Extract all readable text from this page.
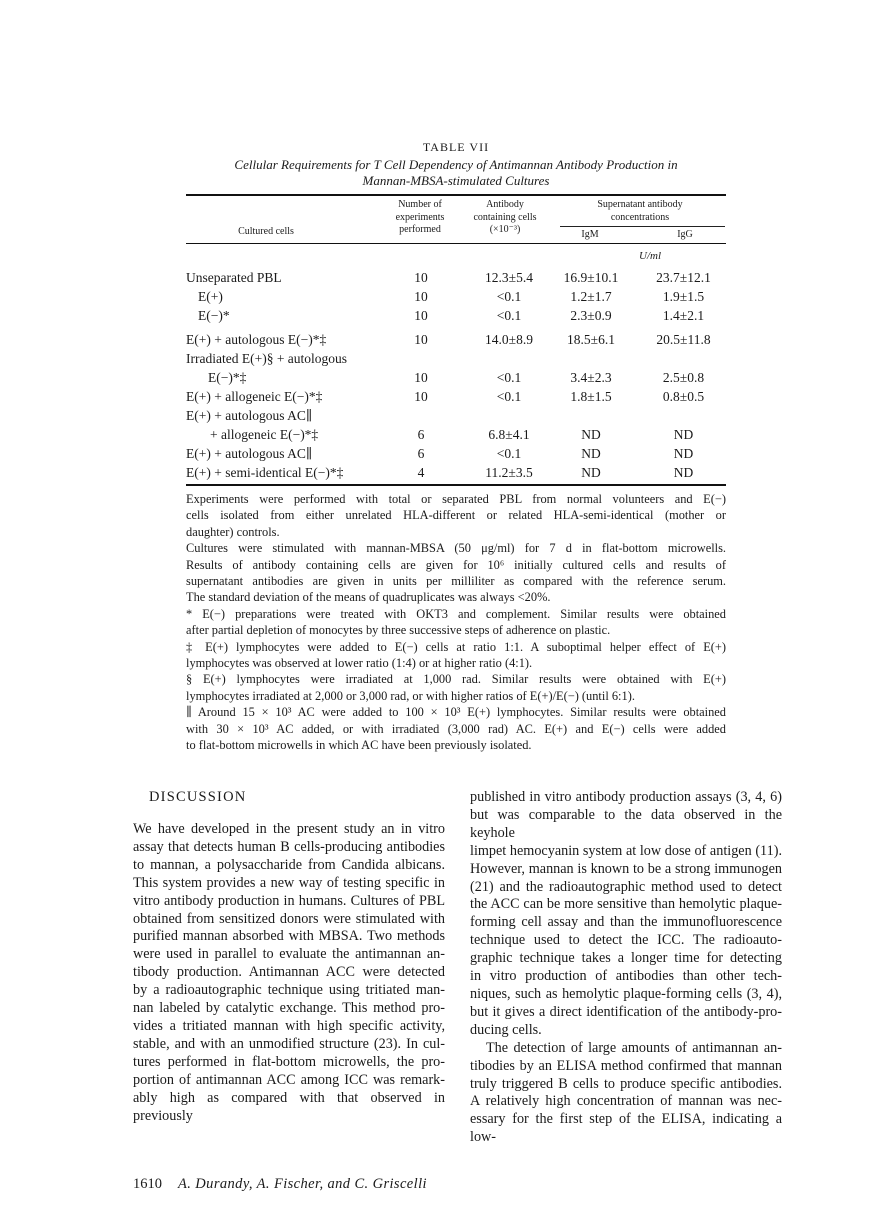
TABLE VII
Cellular Requirements for T Cell Dependency of Antimannan Antibody Production in
Mannan-MBSA-stimulated Cultures
Cultured cells
Number of
experiments
performed
Antibody
containing cells
(×10⁻³)
Supernatant antibody
concentrations
IgM	IgG
U/ml
Unseparated PBL	10	12.3±5.4	16.9±10.1	23.7±12.1
E(+)	10	<0.1	1.2±1.7	1.9±1.5
E(−)*	10	<0.1	2.3±0.9	1.4±2.1
E(+) + autologous E(−)*‡	10	14.0±8.9	18.5±6.1	20.5±11.8
Irradiated E(+)§ + autologous
E(−)*‡	10	<0.1	3.4±2.3	2.5±0.8
E(+) + allogeneic E(−)*‡	10	<0.1	1.8±1.5	0.8±0.5
E(+) + autologous AC∥
+ allogeneic E(−)*‡	6	6.8±4.1	ND	ND
E(+) + autologous AC∥	6	<0.1	ND	ND
E(+) + semi-identical E(−)*‡	4	11.2±3.5	ND	ND
Experiments were performed with total or separated PBL from normal volunteers and E(−)
cells isolated from either unrelated HLA-different or related HLA-semi-identical (mother or
daughter) controls.
Cultures were stimulated with mannan-MBSA (50 μg/ml) for 7 d in flat-bottom microwells.
Results of antibody containing cells are given for 10⁶ initially cultured cells and results of
supernatant antibodies are given in units per milliliter as compared with the reference serum.
The standard deviation of the means of quadruplicates was always <20%.
* E(−) preparations were treated with OKT3 and complement. Similar results were obtained
after partial depletion of monocytes by three successive steps of adherence on plastic.
‡ E(+) lymphocytes were added to E(−) cells at ratio 1:1. A suboptimal helper effect of E(+)
lymphocytes was observed at lower ratio (1:4) or at higher ratio (4:1).
§ E(+) lymphocytes were irradiated at 1,000 rad. Similar results were obtained with E(+)
lymphocytes irradiated at 2,000 or 3,000 rad, or with higher ratios of E(+)/E(−) (until 6:1).
∥ Around 15 × 10³ AC were added to 100 × 10³ E(+) lymphocytes. Similar results were obtained
with 30 × 10³ AC added, or with irradiated (3,000 rad) AC. E(+) and E(−) cells were added
to flat-bottom microwells in which AC have been previously isolated.
DISCUSSION
We have developed in the present study an in vitro
assay that detects human B cells-producing antibodies
to mannan, a polysaccharide from Candida albicans.
This system provides a new way of testing specific in
vitro antibody production in humans. Cultures of PBL
obtained from sensitized donors were stimulated with
purified mannan absorbed with MBSA. Two methods
were used in parallel to evaluate the antimannan an-
tibody production. Antimannan ACC were detected
by a radioautographic technique using tritiated man-
nan labeled by catalytic exchange. This method pro-
vides a tritiated mannan with high specific activity,
stable, and with an unmodified structure (23). In cul-
tures performed in flat-bottom microwells, the pro-
portion of antimannan ACC among ICC was remark-
ably high as compared with that observed in previously
published in vitro antibody production assays (3, 4, 6)
but was comparable to the data observed in the keyhole
limpet hemocyanin system at low dose of antigen (11).
However, mannan is known to be a strong immunogen
(21) and the radioautographic method used to detect
the ACC can be more sensitive than hemolytic plaque-
forming cell assay and than the immunofluorescence
technique used to detect the ICC. The radioauto-
graphic technique takes a longer time for detecting
in vitro production of antibodies than other tech-
niques, such as hemolytic plaque-forming cells (3, 4),
but it gives a direct identification of the antibody-pro-
ducing cells.
The detection of large amounts of antimannan an-
tibodies by an ELISA method confirmed that mannan
truly triggered B cells to produce specific antibodies.
A relatively high concentration of mannan was nec-
essary for the first step of the ELISA, indicating a low-
1610 A. Durandy, A. Fischer, and C. Griscelli
